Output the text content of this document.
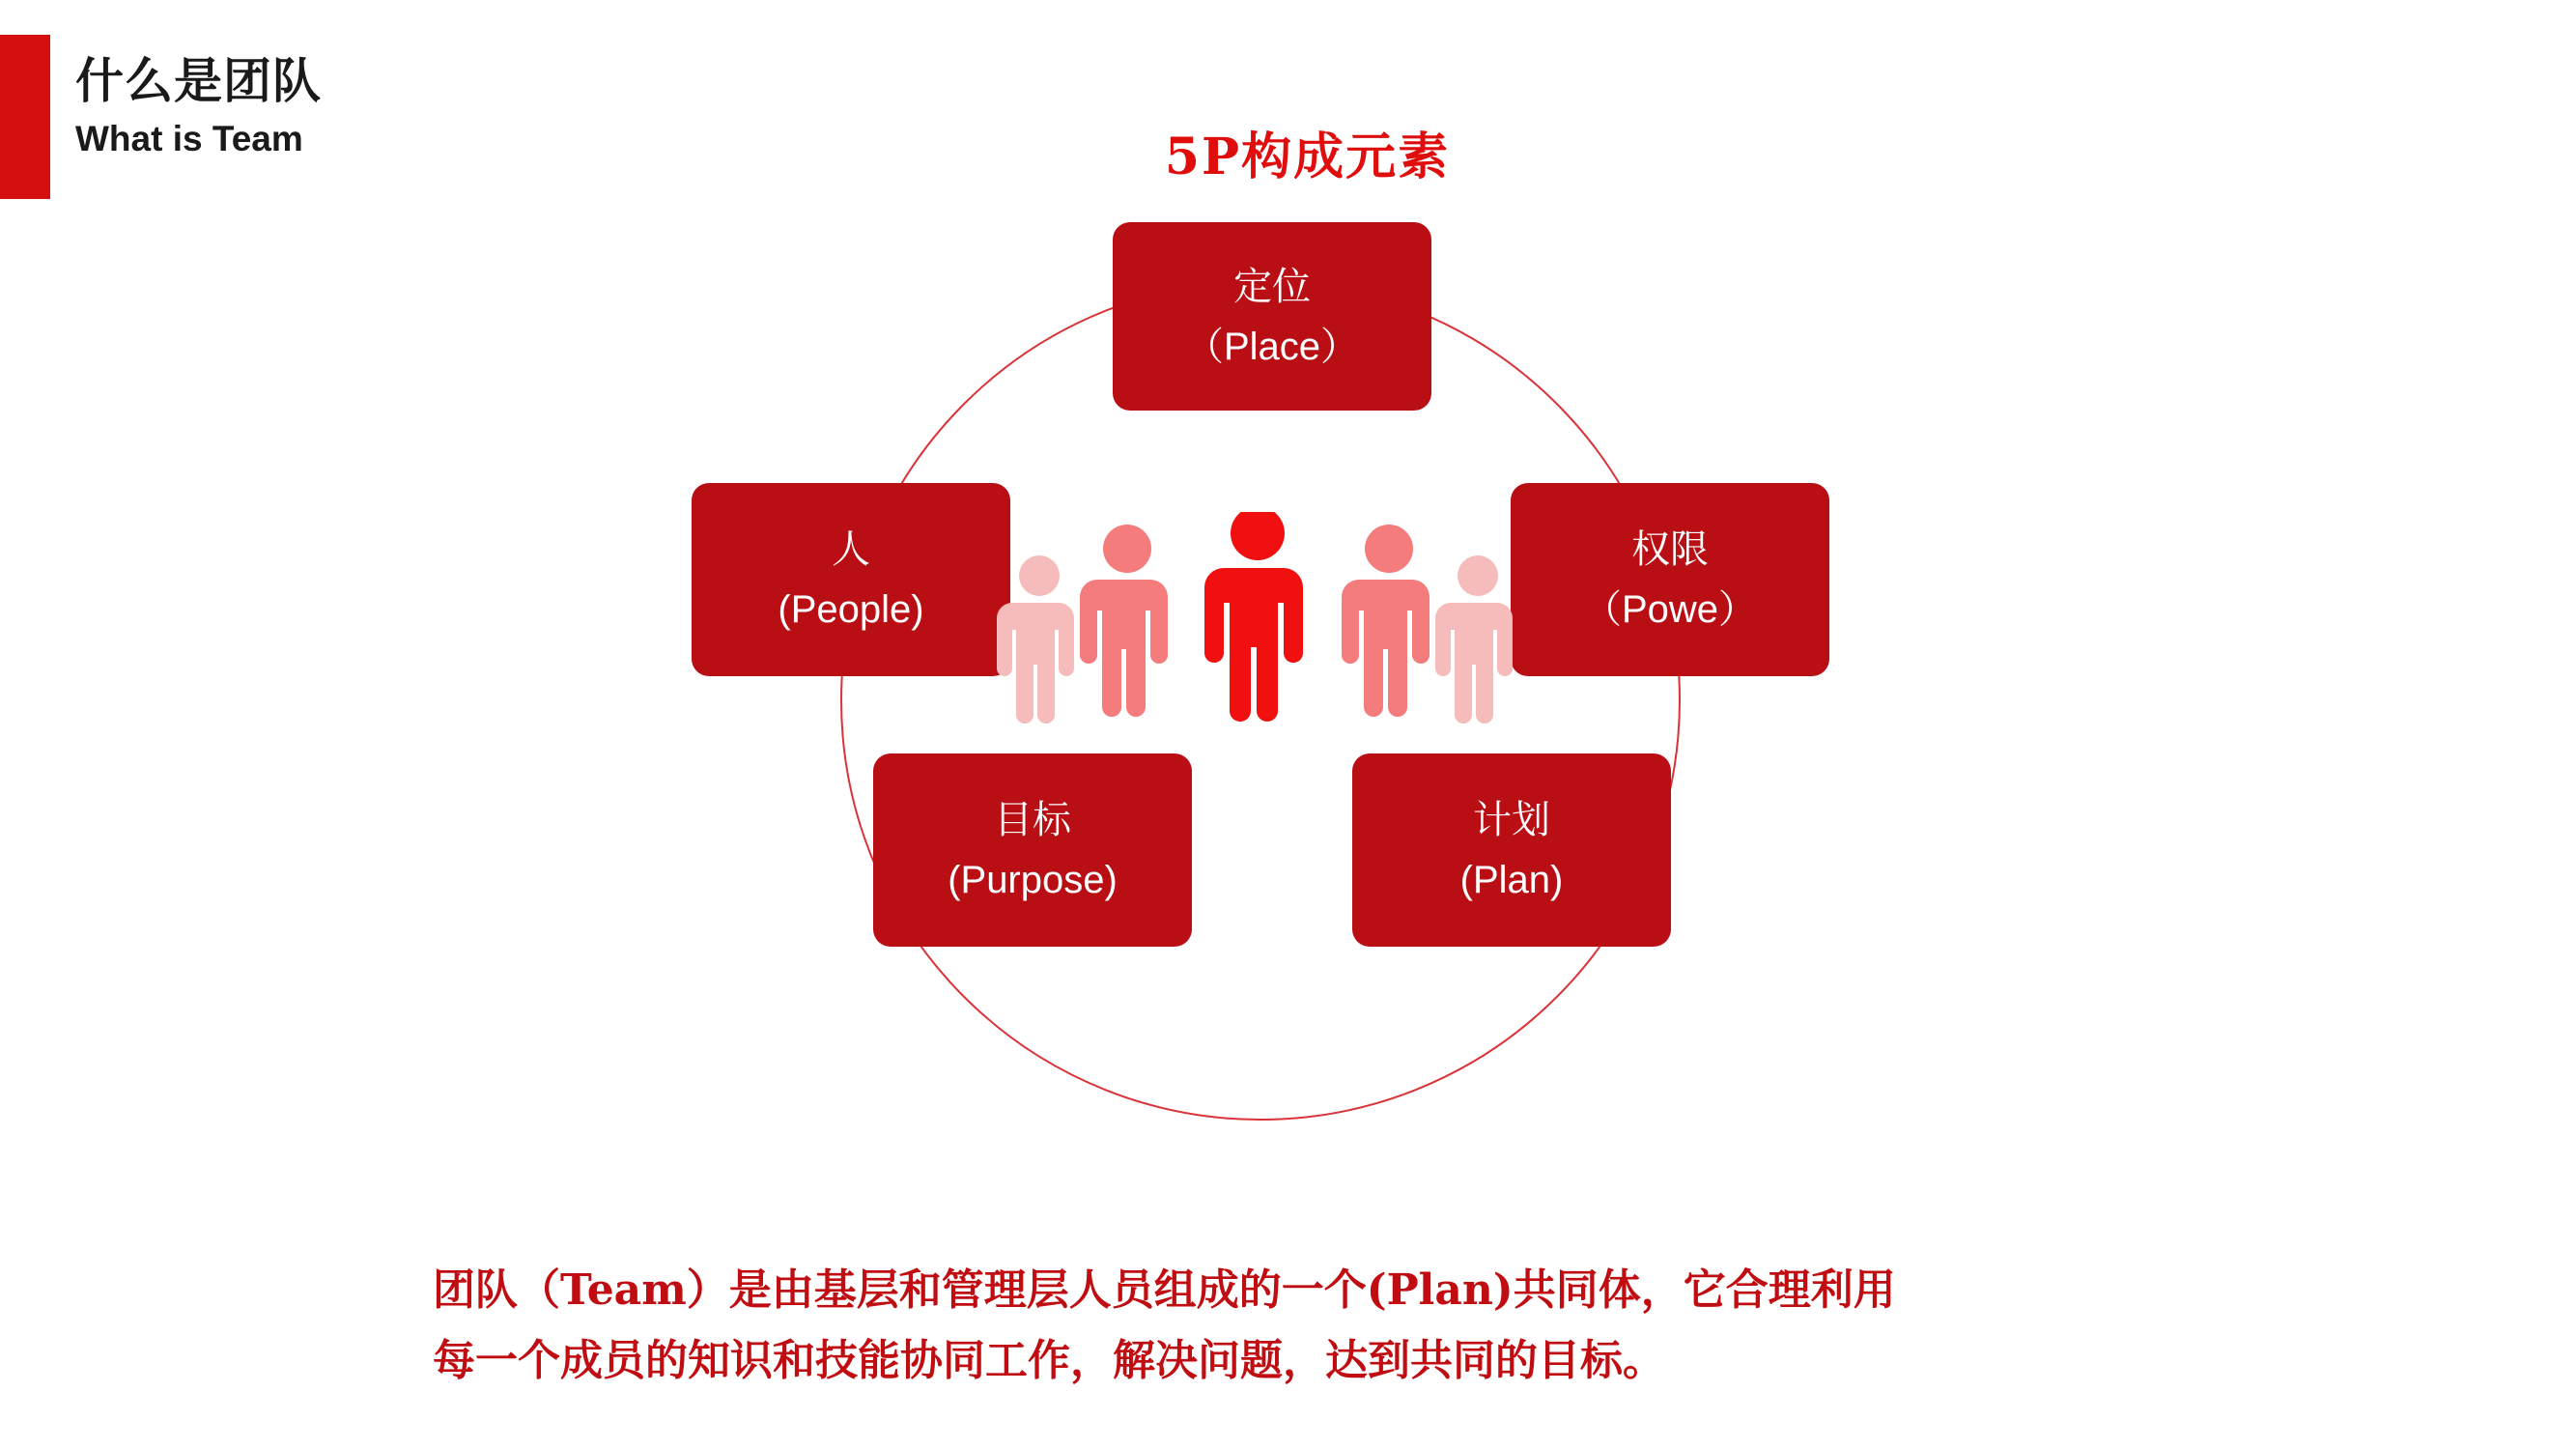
什么是团队
What is Team	5P构成元素
定位
（Place）
权限
（Powe）
人
(People)
计划
(Plan)
目标
(Purpose)
团队（Team）是由基层和管理层人员组成的一个(Plan)共同体，它合理利用
每一个成员的知识和技能协同工作，解决问题，达到共同的目标。
